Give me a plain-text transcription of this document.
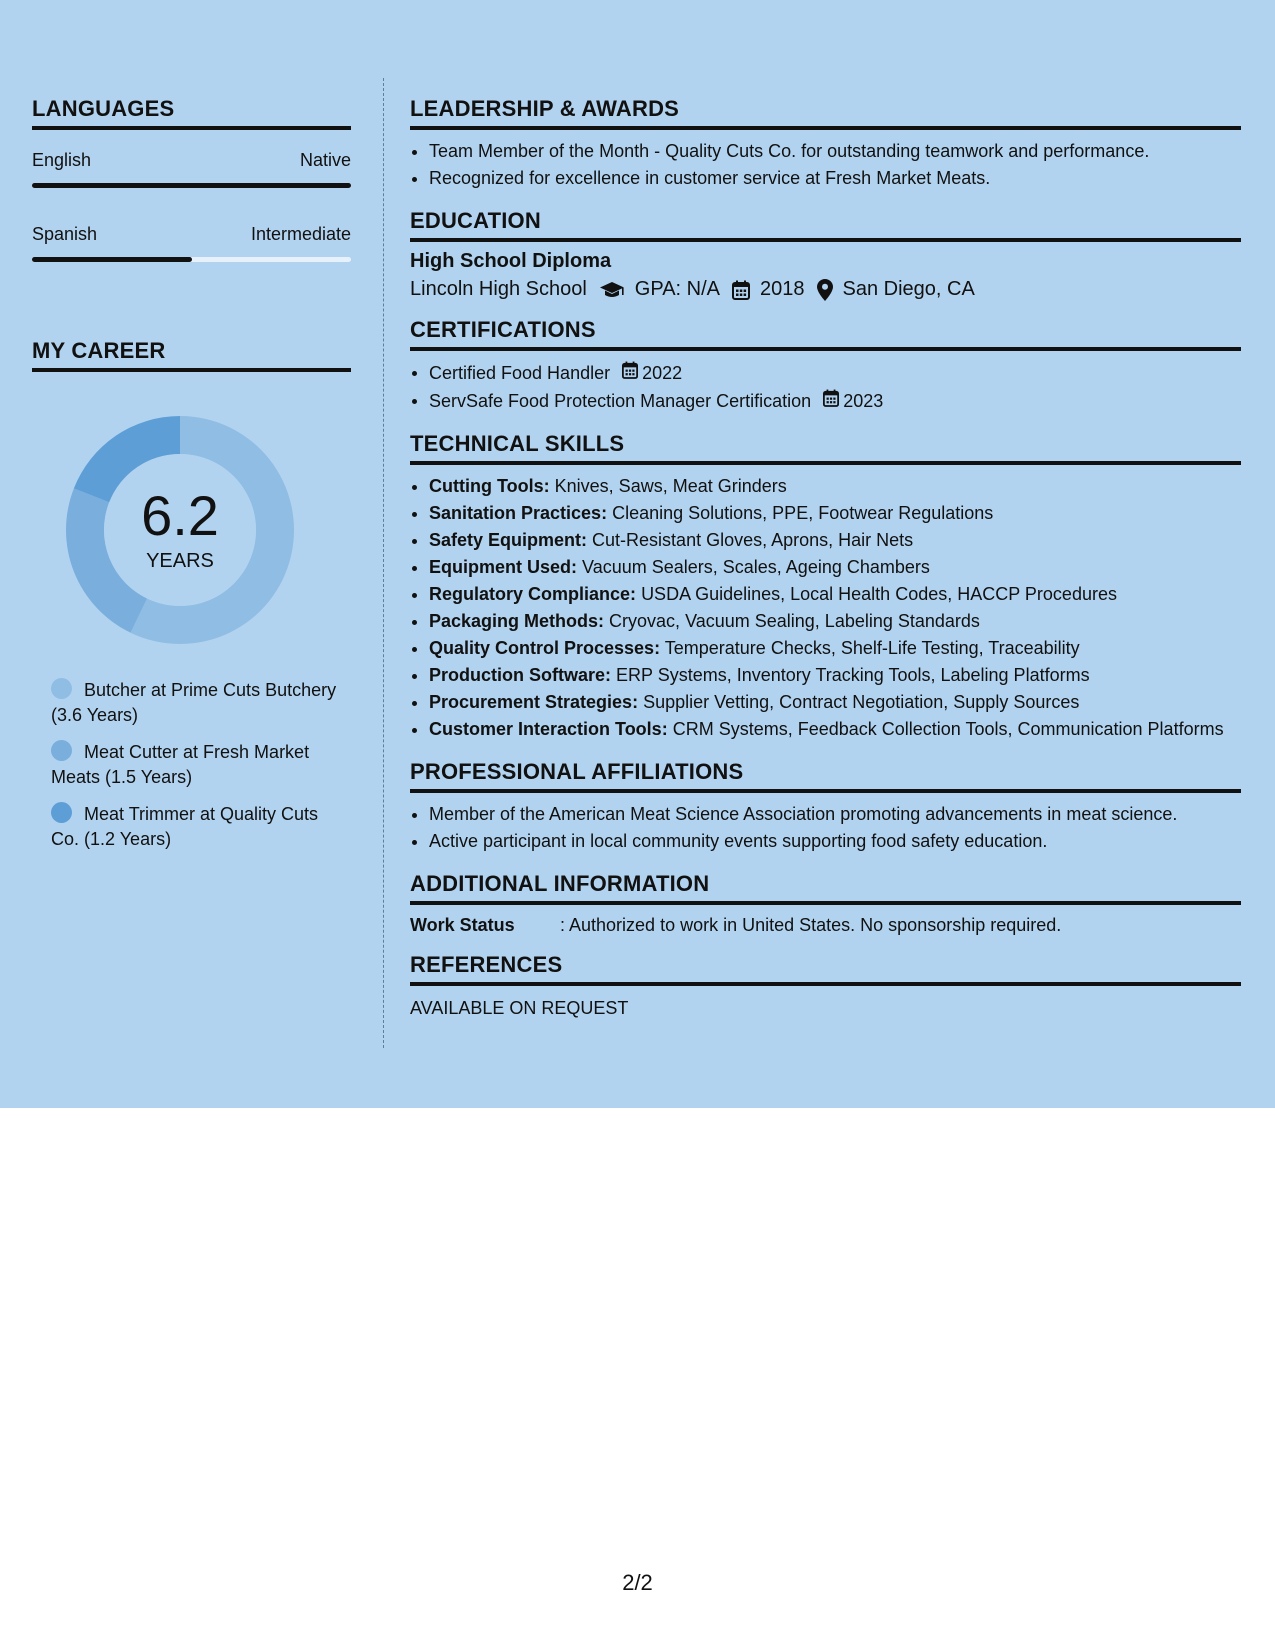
LANGUAGES
English	Native
Spanish	Intermediate
MY CAREER
6.2
YEARS
Butcher at Prime Cuts Butchery (3.6 Years)
Meat Cutter at Fresh Market Meats (1.5 Years)
Meat Trimmer at Quality Cuts Co. (1.2 Years)
LEADERSHIP & AWARDS
• Team Member of the Month - Quality Cuts Co. for outstanding teamwork and performance.
• Recognized for excellence in customer service at Fresh Market Meats.
EDUCATION
High School Diploma
Lincoln High School GPA: N/A 2018 San Diego, CA
CERTIFICATIONS
• Certified Food Handler 2022
• ServSafe Food Protection Manager Certification 2023
TECHNICAL SKILLS
• Cutting Tools: Knives, Saws, Meat Grinders
• Sanitation Practices: Cleaning Solutions, PPE, Footwear Regulations
• Safety Equipment: Cut-Resistant Gloves, Aprons, Hair Nets
• Equipment Used: Vacuum Sealers, Scales, Ageing Chambers
• Regulatory Compliance: USDA Guidelines, Local Health Codes, HACCP Procedures
• Packaging Methods: Cryovac, Vacuum Sealing, Labeling Standards
• Quality Control Processes: Temperature Checks, Shelf-Life Testing, Traceability
• Production Software: ERP Systems, Inventory Tracking Tools, Labeling Platforms
• Procurement Strategies: Supplier Vetting, Contract Negotiation, Supply Sources
• Customer Interaction Tools: CRM Systems, Feedback Collection Tools, Communication Platforms
PROFESSIONAL AFFILIATIONS
• Member of the American Meat Science Association promoting advancements in meat science.
• Active participant in local community events supporting food safety education.
ADDITIONAL INFORMATION
Work Status	: Authorized to work in United States. No sponsorship required.
REFERENCES
AVAILABLE ON REQUEST
2/2
